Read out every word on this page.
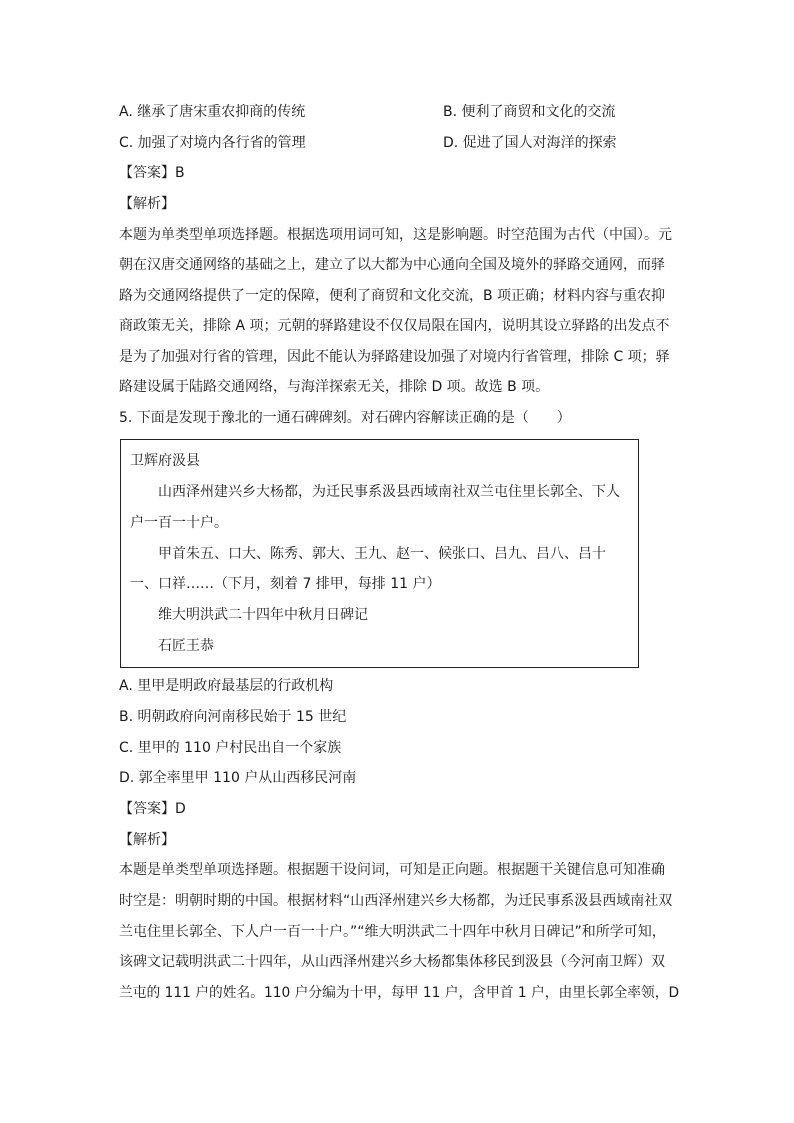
A. 继承了唐宋重农抑商的传统	B. 便利了商贸和文化的交流
C. 加强了对境内各行省的管理	D. 促进了国人对海洋的探索
【答案】B
【解析】
本题为单类型单项选择题。根据选项用词可知，这是影响题。时空范围为古代（中国）。元
朝在汉唐交通网络的基础之上，建立了以大都为中心通向全国及境外的驿路交通网，而驿
路为交通网络提供了一定的保障，便利了商贸和文化交流，B 项正确；材料内容与重农抑
商政策无关，排除 A 项；元朝的驿路建设不仅仅局限在国内，说明其设立驿路的出发点不
是为了加强对行省的管理，因此不能认为驿路建设加强了对境内行省管理，排除 C 项；驿
路建设属于陆路交通网络，与海洋探索无关，排除 D 项。故选 B 项。
5. 下面是发现于豫北的一通石碑碑刻。对石碑内容解读正确的是（　　）
卫辉府汲县
山西泽州建兴乡大杨都，为迁民事系汲县西域南社双兰屯住里长郭全、下人
户一百一十户。
甲首朱五、口大、陈秀、郭大、王九、赵一、候张口、吕九、吕八、吕十
一、口祥……（下月，刻着 7 排甲，每排 11 户）
维大明洪武二十四年中秋月日碑记
石匠王恭
A. 里甲是明政府最基层的行政机构
B. 明朝政府向河南移民始于 15 世纪
C. 里甲的 110 户村民出自一个家族
D. 郭全率里甲 110 户从山西移民河南
【答案】D
【解析】
本题是单类型单项选择题。根据题干设问词，可知是正向题。根据题干关键信息可知准确
时空是：明朝时期的中国。根据材料“山西泽州建兴乡大杨都，为迁民事系汲县西域南社双
兰屯住里长郭全、下人户一百一十户。”“维大明洪武二十四年中秋月日碑记”和所学可知，
该碑文记载明洪武二十四年，从山西泽州建兴乡大杨都集体移民到汲县（今河南卫辉）双
兰屯的 111 户的姓名。110 户分编为十甲，每甲 11 户，含甲首 1 户，由里长郭全率领，D
